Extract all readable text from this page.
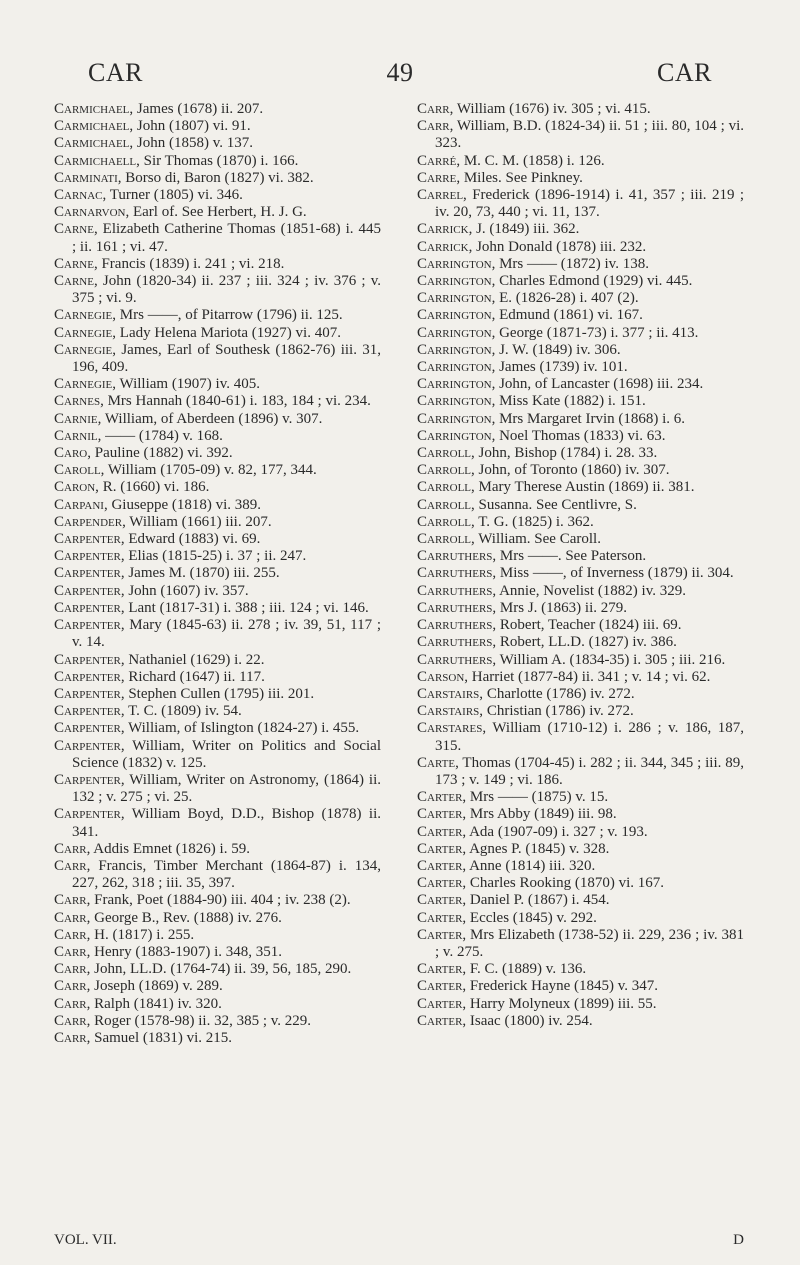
CAR	49	CAR

Carmichael, James (1678) ii. 207.

Carmichael, John (1807) vi. 91.

Carmichael, John (1858) v. 137.

Carmichaell, Sir Thomas (1870) i. 166.

Carminati, Borso di, Baron (1827) vi. 382.

Carnac, Turner (1805) vi. 346.

Carnarvon, Earl of. See Herbert, H. J. G.

Carne, Elizabeth Catherine Thomas (1851-68) i. 445 ; ii. 161 ; vi. 47.

Carne, Francis (1839) i. 241 ; vi. 218.

Carne, John (1820-34) ii. 237 ; iii. 324 ; iv. 376 ; v. 375 ; vi. 9.

Carnegie, Mrs ——, of Pitarrow (1796) ii. 125.

Carnegie, Lady Helena Mariota (1927) vi. 407.

Carnegie, James, Earl of Southesk (1862-76) iii. 31, 196, 409.

Carnegie, William (1907) iv. 405.

Carnes, Mrs Hannah (1840-61) i. 183, 184 ; vi. 234.

Carnie, William, of Aberdeen (1896) v. 307.

Carnil, —— (1784) v. 168.

Caro, Pauline (1882) vi. 392.

Caroll, William (1705-09) v. 82, 177, 344.

Caron, R. (1660) vi. 186.

Carpani, Giuseppe (1818) vi. 389.

Carpender, William (1661) iii. 207.

Carpenter, Edward (1883) vi. 69.

Carpenter, Elias (1815-25) i. 37 ; ii. 247.

Carpenter, James M. (1870) iii. 255.

Carpenter, John (1607) iv. 357.

Carpenter, Lant (1817-31) i. 388 ; iii. 124 ; vi. 146.

Carpenter, Mary (1845-63) ii. 278 ; iv. 39, 51, 117 ; v. 14.

Carpenter, Nathaniel (1629) i. 22.

Carpenter, Richard (1647) ii. 117.

Carpenter, Stephen Cullen (1795) iii. 201.

Carpenter, T. C. (1809) iv. 54.

Carpenter, William, of Islington (1824-27) i. 455.

Carpenter, William, Writer on Politics and Social Science (1832) v. 125.

Carpenter, William, Writer on Astronomy, (1864) ii. 132 ; v. 275 ; vi. 25.

Carpenter, William Boyd, D.D., Bishop (1878) ii. 341.

Carr, Addis Emnet (1826) i. 59.

Carr, Francis, Timber Merchant (1864-87) i. 134, 227, 262, 318 ; iii. 35, 397.

Carr, Frank, Poet (1884-90) iii. 404 ; iv. 238 (2).

Carr, George B., Rev. (1888) iv. 276.

Carr, H. (1817) i. 255.

Carr, Henry (1883-1907) i. 348, 351.

Carr, John, LL.D. (1764-74) ii. 39, 56, 185, 290.

Carr, Joseph (1869) v. 289.

Carr, Ralph (1841) iv. 320.

Carr, Roger (1578-98) ii. 32, 385 ; v. 229.

Carr, Samuel (1831) vi. 215.

Carr, William (1676) iv. 305 ; vi. 415.

Carr, William, B.D. (1824-34) ii. 51 ; iii. 80, 104 ; vi. 323.

Carré, M. C. M. (1858) i. 126.

Carre, Miles. See Pinkney.

Carrel, Frederick (1896-1914) i. 41, 357 ; iii. 219 ; iv. 20, 73, 440 ; vi. 11, 137.

Carrick, J. (1849) iii. 362.

Carrick, John Donald (1878) iii. 232.

Carrington, Mrs —— (1872) iv. 138.

Carrington, Charles Edmond (1929) vi. 445.

Carrington, E. (1826-28) i. 407 (2).

Carrington, Edmund (1861) vi. 167.

Carrington, George (1871-73) i. 377 ; ii. 413.

Carrington, J. W. (1849) iv. 306.

Carrington, James (1739) iv. 101.

Carrington, John, of Lancaster (1698) iii. 234.

Carrington, Miss Kate (1882) i. 151.

Carrington, Mrs Margaret Irvin (1868) i. 6.

Carrington, Noel Thomas (1833) vi. 63.

Carroll, John, Bishop (1784) i. 28. 33.

Carroll, John, of Toronto (1860) iv. 307.

Carroll, Mary Therese Austin (1869) ii. 381.

Carroll, Susanna. See Centlivre, S.

Carroll, T. G. (1825) i. 362.

Carroll, William. See Caroll.

Carruthers, Mrs ——. See Paterson.

Carruthers, Miss ——, of Inverness (1879) ii. 304.

Carruthers, Annie, Novelist (1882) iv. 329.

Carruthers, Mrs J. (1863) ii. 279.

Carruthers, Robert, Teacher (1824) iii. 69.

Carruthers, Robert, LL.D. (1827) iv. 386.

Carruthers, William A. (1834-35) i. 305 ; iii. 216.

Carson, Harriet (1877-84) ii. 341 ; v. 14 ; vi. 62.

Carstairs, Charlotte (1786) iv. 272.

Carstairs, Christian (1786) iv. 272.

Carstares, William (1710-12) i. 286 ; v. 186, 187, 315.

Carte, Thomas (1704-45) i. 282 ; ii. 344, 345 ; iii. 89, 173 ; v. 149 ; vi. 186.

Carter, Mrs —— (1875) v. 15.

Carter, Mrs Abby (1849) iii. 98.

Carter, Ada (1907-09) i. 327 ; v. 193.

Carter, Agnes P. (1845) v. 328.

Carter, Anne (1814) iii. 320.

Carter, Charles Rooking (1870) vi. 167.

Carter, Daniel P. (1867) i. 454.

Carter, Eccles (1845) v. 292.

Carter, Mrs Elizabeth (1738-52) ii. 229, 236 ; iv. 381 ; v. 275.

Carter, F. C. (1889) v. 136.

Carter, Frederick Hayne (1845) v. 347.

Carter, Harry Molyneux (1899) iii. 55.

Carter, Isaac (1800) iv. 254.

VOL. VII.	D
